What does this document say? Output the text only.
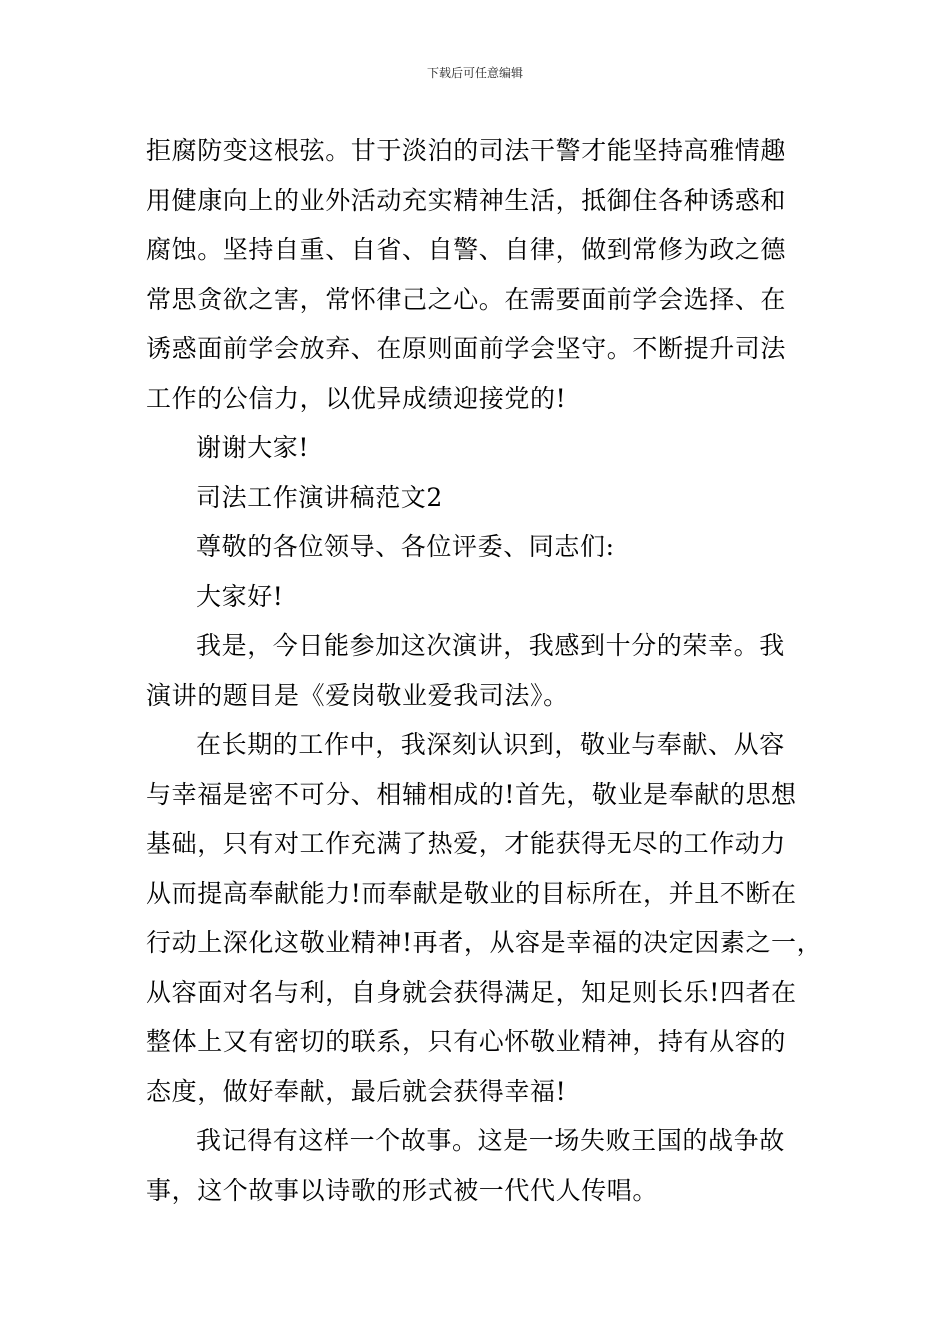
下载后可任意编辑
拒腐防变这根弦。甘于淡泊的司法干警才能坚持高雅情趣
用健康向上的业外活动充实精神生活，抵御住各种诱惑和
腐蚀。坚持自重、自省、自警、自律，做到常修为政之德
常思贪欲之害，常怀律己之心。在需要面前学会选择、在
诱惑面前学会放弃、在原则面前学会坚守。不断提升司法
工作的公信力，以优异成绩迎接党的!
谢谢大家!
司法工作演讲稿范文2
尊敬的各位领导、各位评委、同志们:
大家好!
我是，今日能参加这次演讲，我感到十分的荣幸。我
演讲的题目是《爱岗敬业爱我司法》。
在长期的工作中，我深刻认识到，敬业与奉献、从容
与幸福是密不可分、相辅相成的!首先，敬业是奉献的思想
基础，只有对工作充满了热爱，才能获得无尽的工作动力
从而提高奉献能力!而奉献是敬业的目标所在，并且不断在
行动上深化这敬业精神!再者，从容是幸福的决定因素之一，
从容面对名与利，自身就会获得满足，知足则长乐!四者在
整体上又有密切的联系，只有心怀敬业精神，持有从容的
态度，做好奉献，最后就会获得幸福!
我记得有这样一个故事。这是一场失败王国的战争故
事，这个故事以诗歌的形式被一代代人传唱。
